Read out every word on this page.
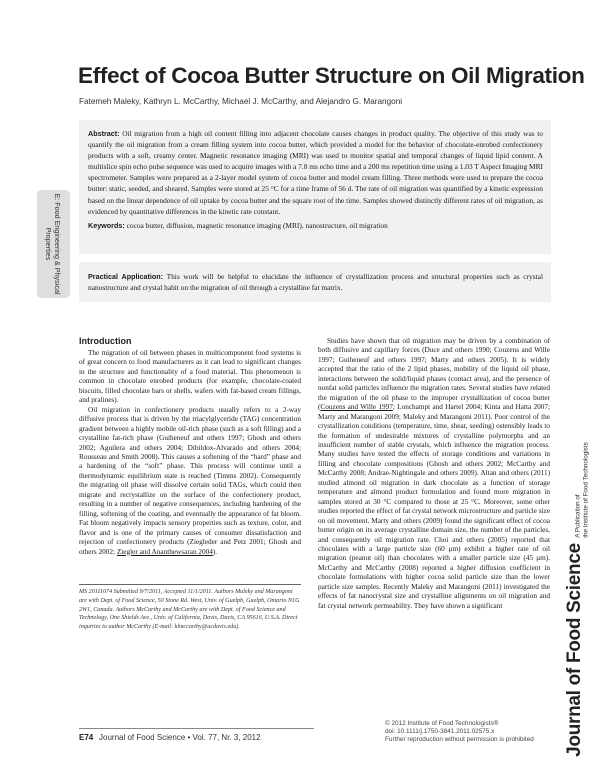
Effect of Cocoa Butter Structure on Oil Migration
Fatemeh Maleky, Kathryn L. McCarthy, Michael J. McCarthy, and Alejandro G. Marangoni
Abstract: Oil migration from a high oil content filling into adjacent chocolate causes changes in product quality. The objective of this study was to quantify the oil migration from a cream filling system into cocoa butter, which provided a model for the behavior of chocolate-enrobed confectionery products with a soft, creamy center. Magnetic resonance imaging (MRI) was used to monitor spatial and temporal changes of liquid lipid content. A multislice spin echo pulse sequence was used to acquire images with a 7.8 ms echo time and a 200 ms repetition time using a 1.03 T Aspect Imaging MRI spectrometer. Samples were prepared as a 2-layer model system of cocoa butter and model cream filling. Three methods were used to prepare the cocoa butter: static, seeded, and sheared. Samples were stored at 25 °C for a time frame of 56 d. The rate of oil migration was quantified by a kinetic expression based on the linear dependence of oil uptake by cocoa butter and the square root of the time. Samples showed distinctly different rates of oil migration, as evidenced by quantitative differences in the kinetic rate constant.
Keywords: cocoa butter, diffusion, magnetic resonance imaging (MRI), nanostructure, oil migration
Practical Application: This work will be helpful to elucidate the influence of crystallization process and structural properties such as crystal nanostructure and crystal habit on the migration of oil through a crystalline fat matrix.
E: Food Engineering & Physical Properties
Introduction

The migration of oil between phases in multicomponent food systems is of great concern to food manufacturers as it can lead to significant changes in the structure and functionality of a food material. This phenomenon is common in chocolate enrobed products (for example, chocolate-coated biscuits, filled chocolate bars or shells, wafers with fat-based cream fillings, and pralines).

Oil migration in confectionery products usually refers to a 2-way diffusive process that is driven by the triacylglyceride (TAG) concentration gradient between a highly mobile oil-rich phase (such as a soft filling) and a crystalline fat-rich phase (Guiheneuf and others 1997; Ghosh and others 2002; Aguilera and others 2004; Dibildox-Alvarado and others 2004; Rousseau and Smith 2008). This causes a softening of the “hard” phase and a hardening of the “soft” phase. This process will continue until a thermodynamic equilibrium state is reached (Timms 2002). Consequently the migrating oil phase will dissolve certain solid TAGs, which could then migrate and recrystallize on the surface of the confectionery product, resulting in a number of negative consequences, including hardening of the filling, softening of the coating, and eventually the appearance of fat bloom. Fat bloom negatively impacts sensory properties such as texture, color, and flavor and is one of the primary causes of consumer dissatisfaction and rejection of confectionery products (Ziegleder and Petz 2001; Ghosh and others 2002; Ziegler and Ananthewsaran 2004).

Studies have shown that oil migration may be driven by a combination of both diffusive and capillary forces (Duce and others 1990; Couzens and Wille 1997; Guiheneuf and others 1997; Marty and others 2005). It is widely accepted that the ratio of the 2 lipid phases, mobility of the liquid oil phase, interactions between the solid/liquid phases (contact area), and the presence of nonfat solid particles influence the migration rates. Several studies have related the migration of the oil phase to the improper crystallization of cocoa butter (Couzens and Wille 1997; Lonchampt and Hartel 2004; Kinta and Hatta 2007; Marty and Marangoni 2009; Maleky and Marangoni 2011). Poor control of the crystallization conditions (temperature, time, shear, seeding) ostensibly leads to the formation of undesirable mixtures of crystalline polymorphs and an insufficient number of stable crystals, which influence the migration process. Many studies have tested the effects of storage conditions and variations in filling and chocolate compositions (Ghosh and others 2002; McCarthy and McCarthy 2008; Andrae-Nightingale and others 2009). Altan and others (2011) studied almond oil migration in dark chocolate as a function of storage temperature and almond product formulation and found more migration in samples stored at 30 °C compared to those at 25 °C. Moreover, some other studies reported the effect of fat crystal network microstructure and particle size on oil movement. Marty and others (2009) found the significant effect of cocoa butter origin on its average crystalline domain size, the number of the particles, and consequently oil migration rate. Choi and others (2005) reported that chocolates with a large particle size (60 μm) exhibit a higher rate of oil migration (peanut oil) than chocolates with a smaller particle size (45 μm). McCarthy and McCarthy (2008) reported a higher diffusion coefficient in chocolate formulations with higher cocoa solid particle size than the lower particle size samples. Recently Maleky and Marangoni (2011) investigated the effects of fat nanocrystal size and crystalline alignments on oil migration and fat crystal network permeability. They have shown a significant

MS 20111074 Submitted 9/7/2011, Accepted 11/1/2011. Authors Maleky and Marangoni are with Dept. of Food Science, 50 Stone Rd. West, Univ. of Guelph, Guelph, Ontario N1G 2W1, Canada. Authors McCarthy and McCarthy are with Dept. of Food Science and Technology, One Shields Ave., Univ. of California, Davis, Davis, CA 95616, U.S.A. Direct inquiries to author McCarthy (E-mail: klmccarthy@ucdavis.edu).
E74 Journal of Food Science • Vol. 77, Nr. 3, 2012
© 2012 Institute of Food Technologists®
doi: 10.1111/j.1750-3841.2011.02575.x
Further reproduction without permission is prohibited
A Publication of the Institute of Food Technologists
Journal of Food Science
